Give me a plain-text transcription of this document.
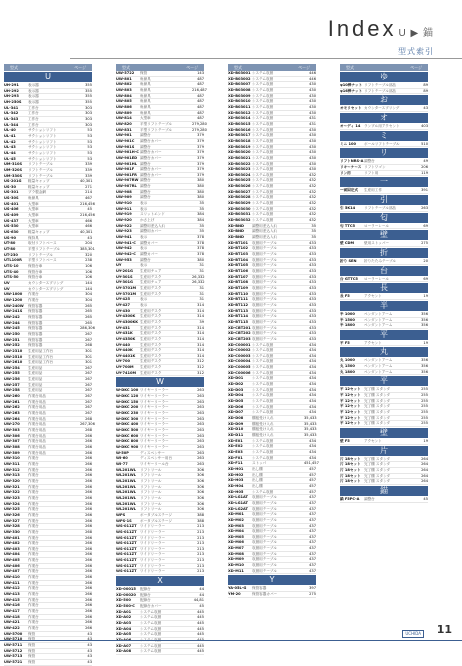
Index U ▶ 錨
型式索引
型式	ページ
U
UH-291	表示器	355
UH-292	表示器	355
UH-293	表示器	355
UH-250S	表示器	355
UL-341	工作台	303
UL-342	工作台	303
UL-343	工作台	303
UL-344	工作台	303
UL-40	サクションリフト	53
UL-41	サクションリフト	53
UL-42	サクションリフト	53
UL-43	サクションリフト	53
UL-44	サクションリフト	53
UL-45	サクションリフト	53
UM-310S	リフトテーブル	339
UM-320S	リフトテーブル	339
UM-330S	リフトテーブル	339
US-201G	軽量キャップ	40,301
US-30	軽量キャップ	271
US-301	プラ製金網	214
US-30S	角締具	467
US-401	大型車	216,456
US-406	大型車	45
US-409	大型車	216,456
US-437	大型車	466
US-530	大型車	466
US-630	軽量キャップ	40,301
US-90	保持具	43
UT-80	取付リフトベース	204
UT-80	平型リフトテーブル	385,301
UT-230	リフトテーブル	320
UTL100R	平型リフトベース	238
UTS-10	保管台車	106
UTS-40	保管台車	106
UTS-50	保管台車	106
UV	カウンタースプリング	144
UV	カウンタースプリング	144
UW-1000	作業台	304
UW-1200	作業台	304
UW-240W	保管容器	265
UW-241S	保管容器	265
UW-242	保管容器	265
UW-244	保管容器	265
UW-245	保管容器	286,306
UW-250	保管容器	267
UW-251	保管容器	267
UW-252	保管容器	268
UW-2310	生産用品工作台	301
UW-2510	生産用品工作台	301
UW-2610	生産用品工作台	301
UW-254	生産用品	267
UW-255	生産用品	267
UW-256	生産用品	267
UW-257	生産用品	267
UW-258	生産用品	267
UW-260	作業台用品	267
UW-261	作業台用品	267
UW-262	作業台用品	267
UW-263	作業台用品	267
UW-264	作業台用品	268
UW-270	作業台用品	267,306
UW-303	作業台用品	268
UW-306	作業台用品	266
UW-307	作業台用品	266
UW-308	作業台用品	266
UW-309	作業台用品	266
UW-310	作業台	266
UW-311	作業台	266
UW-312	作業台	266
UW-313	作業台	266
UW-320	作業台	266
UW-321	作業台	266
UW-322	作業台	266
UW-323	作業台	266
UW-324	作業台	266
UW-325	作業台	266
UW-326	作業台	266
UW-327	作業台	266
UW-328	作業台	266
UW-330	作業台	268
UW-401	作業台	266
UW-402	作業台	266
UW-403	作業台	266
UW-404	作業台	266
UW-405	作業台	266
UW-406	作業台	266
UW-407	作業台	266
UW-410	作業台	266
UW-411	作業台	266
UW-412	作業台	266
UW-413	作業台	266
UW-415	作業台	266
UW-416	作業台	266
UW-417	作業台	266
UW-418	作業台	266
UW-421	作業台	266
UW-422	作業台	266
UW-5700	保管	43
UW-5710	保管	43
UW-5711	保管	43
UW-5712	保管	43
UW-5713	保管	43
UW-5721	保管	43
型式	ページ
UW-5722	保管	143
UW-801	角締具	487
UW-802	角締具	487
UW-803	角締具	216,487
UW-804	角締具	487
UW-805	角締具	487
UW-806	角締具	487
UW-809	角締具	487
UW-814	大型車	487
UW-820	平型リフトテーブル	279,280
UW-831	平型リフトテーブル	279,280
UW-901	調整台	379
UW-901C	調整台カバー	379
UW-901S	調整台	379
UW-901H-C 調整台カバー	379
UW-901ED 調整台カバー	379
UW-901HL 調整台	379
UW-901F	調整台カバー	379
UW-901FR 調整台カバー	379
UW-907RW 調整台	380
UW-907RL 調整台	380
UW-908	調整台	380
UW-909	調整台	380
UW-910	表示	35
UW-911	表示	35
UW-919	スリットエンド	384
UW-920	かさ上げ	384
UW-922	調整用差込入れ	35
UW-923	調整用カバー	35
UW-941	表示	378
UW-941-C	調整カバー	378
UW-942	表示	378
UW-942-C	調整カバー	378
UW-953	調整台	380
UY	表示	31
UY-201G	生産用チェア	31
UY-301S	生産用デスク	26,332
UY-301G	生産用チェア	26,332
UY-3701M	生産用デスク	31
UY-3701M	生産用デスク	31
UY-425	表示	31
UY-427	表示	314
UY-430	生産用デスク	314
UY-4300K	生産用デスク	314
UY-4300KK 生産用デスク	39
UY-431	生産用デスク	314
UY-431K	生産用デスク	314
UY-4350K	生産用デスク	314
UY-440	生産用デスク	314
UY-440K	生産用デスク	314
UY-4401K	生産用デスク	314
UY-700	生産用デスク	312
UY-700M	生産用デスク	312
UY-7410M	生産用デスク	312
W
W-DKC 100 ワイヤーリーラー	263
W-DKC 120 ワイヤーリーラー	263
W-DKC 150 ワイヤーリーラー	263
W-DKC 200 ワイヤーリーラー	263
W-DKC 230 ワイヤーリーラー	263
W-DKC 300 ワイヤーリーラー	263
W-DKC 400 ワイヤーリーラー	263
W-DKC 500 ワイヤーリーラー	263
W-DKC 600 ワイヤーリーラー	263
W-DKC 800 ワイヤーリーラー	263
W-DKC 900 ワイヤーリーラー	263
W-50P	ディスペンサー	263
WI-60	ディスペンサー用台	263
WI-77	ワイヤーリール台	263
WL201WL	リフトリール	306
WL201WL	リフトリール	306
WL201WL	リフトリール	306
WL201WL	リフトリール	306
WL201WL	リフトリール	306
WL201WL	リフトリール	306
WL201WL	リフトリール	306
WL201WL	リフトリール	306
WPS	ポータブルステージ	388
WPS-1S	ポータブルステージ	388
WS-011ZT ワイドリーラー	213
WS-011ZT ワイドリーラー	213
WS-011ZT ワイドリーラー	213
WS-011ZT ワイドリーラー	213
WS-011ZT ワイドリーラー	213
WS-011ZT ワイドリーラー	213
WS-011ZT ワイドリーラー	213
WS-011ZT ワイドリーラー	213
WS-011ZT ワイドリーラー	213
X
XD-00015	配線台	44
XD-00020	配線台	44
XD-500	配線台	44,81
XD-500-C	配線台カバー	45
XD-A01	システム収納	445
XD-A02	システム収納	445
XD-A03	システム収納	445
XD-A04	システム収納	445
XD-A05	システム収納	445
XD-A06	システム収納	445
XD-A07	システム収納	445
XD-A08	システム収納	445
型式	ページ
XD-B03001 システム収納	446
XD-B03002 システム収納	446
XD-B03007 システム収納	430
XD-B03008 システム収納	430
XD-B03009 システム収納	430
XD-B03010 システム収納	430
XD-B03011 システム収納	430
XD-B03012 システム収納	430
XD-B03014 システム収納	431
XD-B03015 システム収納	431
XD-B03016 システム収納	430
XD-B03017 システム収納	430
XD-B03018 システム収納	430
XD-B03019 システム収納	430
XD-B03020 システム収納	430
XD-B03021 システム収納	430
XD-B03022 システム収納	430
XD-B03023 システム収納	430
XD-B03024 システム収納	432
XD-B03025 システム収納	432
XD-B03026 システム収納	432
XD-B03027 システム収納	432
XD-B03028 システム収納	432
XD-B03029 システム収納	432
XD-B03030 システム収納	432
XD-B03031 システム収納	432
XD-B03032 システム収納	432
XD-BND	調整用差込入れ	35
XD-BND	調整用差込入れ	35
XD-BND	調整用差込入れ	35
XD-BT101	収納用テーブル	433
XD-BT102	収納用テーブル	433
XD-BT103	収納用テーブル	433
XD-BT104	収納用テーブル	433
XD-BT105	収納用テーブル	433
XD-BT106	収納用テーブル	433
XD-BT107	収納用テーブル	433
XD-BT108	収納用テーブル	433
XD-BT109	収納用テーブル	433
XD-BT110	収納用テーブル	433
XD-BT111	収納用テーブル	433
XD-BT112	収納用テーブル	433
XD-BT113	収納用テーブル	433
XD-BT114	収納用テーブル	433
XD-BT115	収納用テーブル	433
XD-CBT201 収納用テーブル	433
XD-CBT202 収納用テーブル	433
XD-CBT203 収納用テーブル	433
XD-C00001 システム収納	434
XD-C00002 システム収納	434
XD-C00003 システム収納	434
XD-C00004 システム収納	434
XD-C00005 システム収納	434
XD-C00006 システム収納	434
XD-D01	システム収納	434
XD-D02	システム収納	434
XD-D03	システム収納	434
XD-D04	システム収納	434
XD-D05	システム収納	434
XD-D06	システム収納	434
XD-D07	システム収納	434
XD-D08	棚板受け入れ	35,433
XD-D09	棚板受け入れ	35,433
XD-D10	棚板受け入れ	35,433
XD-D11	棚板受け入れ	35,433
XD-E01	システム収納	434
XD-E02	システム収納	434
XD-E03	システム収納	434
XD-F01	システム収納	434
XD-F11	ストッパ	451,457
XD-H01	出し棚	457
XD-H02	出し棚	457
XD-H03	出し棚	457
XD-H04	出し棚	457
XD-H05	システム収納	457
XD-LG1AT	収納用テーブル	437
XD-LG1AT	収納用テーブル	437
XD-LG2AT	収納用テーブル	437
XD-M01	収納用テーブル	437
XD-M02	収納用テーブル	437
XD-M03	収納用テーブル	437
XD-M04	収納用テーブル	437
XD-M05	収納用テーブル	437
XD-M06	収納用テーブル	437
XD-M07	収納用テーブル	437
XD-M08	収納用テーブル	437
XD-M09	収納用テーブル	437
XD-M10	収納用テーブル	437
XD-M11	収納用テーブル	437
Y
YA-05L-G	保管容器	397
YM-20	保管容器カバー	275
型式	ページ
ゆ
φ10棒ナット リフトテーブル部品	89
φ16棒ナット リフトテーブル部品	89
お
オモリセット カウンタースプリング	43
オ
オーディ 14	ランプル用アクセント	403
ミ
ミニ 100	ボールリフトテーブル	510
リ
リフトNRS-A 調整台	49
リキーケース リフトワゴン	206
リン用	リフト用	119
一
一面固定式	生産用工作	391
引
引 5K14	リフトテーブル部品	263
匂
匂 TTC5	ローラーレール	69
壁
壁 CDM	壁用ストッパー	275
折
折り SEN	折りたたみテーブル	20
台
台 GTTC5	ローラーレール	69
長
長 F5	アクセント	19
半
半 1000	ペンダントアーム	356
半 1500	ペンダントアーム	356
半 1800	ペンダントアーム	356
平
平 F5	アクセント	19
丸
丸 1000	ペンダントアーム	356
丸 1500	ペンダントアーム	356
丸 1800	ペンダントアーム	356
平
平 12セット 完了棚 スタンダ	255
平 12セット 完了棚 スタンダ	255
平 12セット 完了棚 スタンダ	255
平 12セット 完了棚 スタンダ	255
平 12セット 完了棚 スタンダ	255
平 12セット 完了棚 スタンダ	255
平 12セット 完了棚 スタンダ	255
壁
壁 F5	アクセント	19
片
片 18セット 完了棚 スタンダ	264
片 18セット 完了棚 スタンダ	264
片 18セット 完了棚 スタンダ	264
片 18セット 完了棚 スタンダ	264
片 18セット 完了棚 スタンダ	264
錨
錨 F5PC-A	調整台	45
UCHIDA 11
